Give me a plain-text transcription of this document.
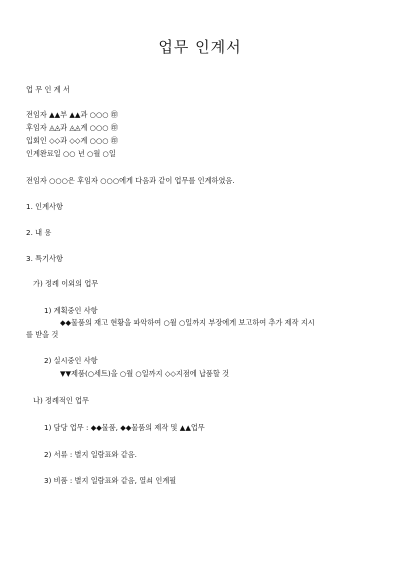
업무 인계서
업 무 인 계 서
전임자 ▲▲부 ▲▲과 ○○○ ㊞
후임자 ◬◬과 ◬◬계 ○○○ ㊞
입회인 ◇◇과 ◇◇계 ○○○ ㊞
인계완료일 ○○ 년 ○월 ○일
전임자 ○○○은 후임자 ○○○에게 다음과 같이 업무를 인계하였음.
1. 인계사항
2. 내 용
3. 특기사항
가) 정례 이외의 업무
1) 계획중인 사항
◆◆물품의 재고 현황을 파악하여 ○월 ○일까지 부장에게 보고하여 추가 제작 지시
를 받을 것
2) 실시중인 사항
▼▼제품(○세트)을 ○월 ○일까지 ◇◇지점에 납품할 것
나) 정례적인 업무
1) 담당 업무 : ◆◆물품, ◆◆물품의 제작 및 ▲▲업무
2) 서류 : 별지 일람표와 같음.
3) 비품 : 별지 일람표와 같음, 열쇠 인계필
